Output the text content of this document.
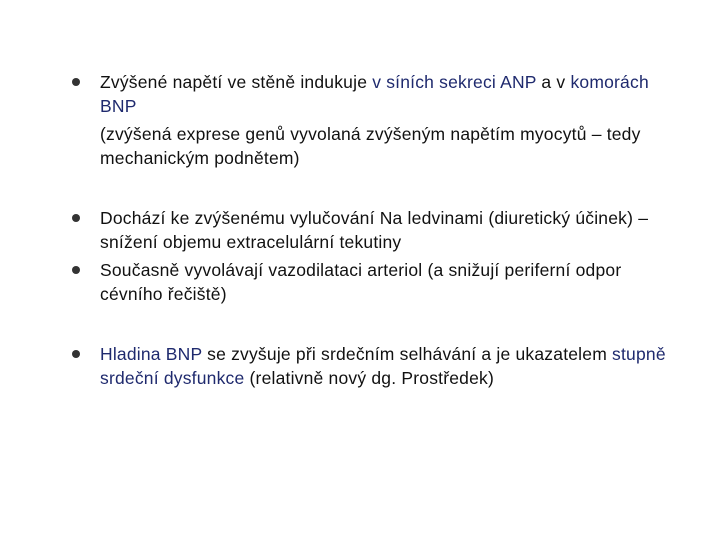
Zvýšené napětí ve stěně indukuje v síních sekreci ANP a v komorách BNP
(zvýšená exprese genů vyvolaná zvýšeným napětím myocytů – tedy mechanickým podnětem)
Dochází ke zvýšenému vylučování Na ledvinami (diuretický účinek) – snížení objemu extracelulární tekutiny
Současně vyvolávají vazodilataci arteriol (a snižují periferní odpor cévního řečiště)
Hladina BNP se zvyšuje při srdečním selhávání a je ukazatelem stupně srdeční dysfunkce (relativně nový dg. Prostředek)
